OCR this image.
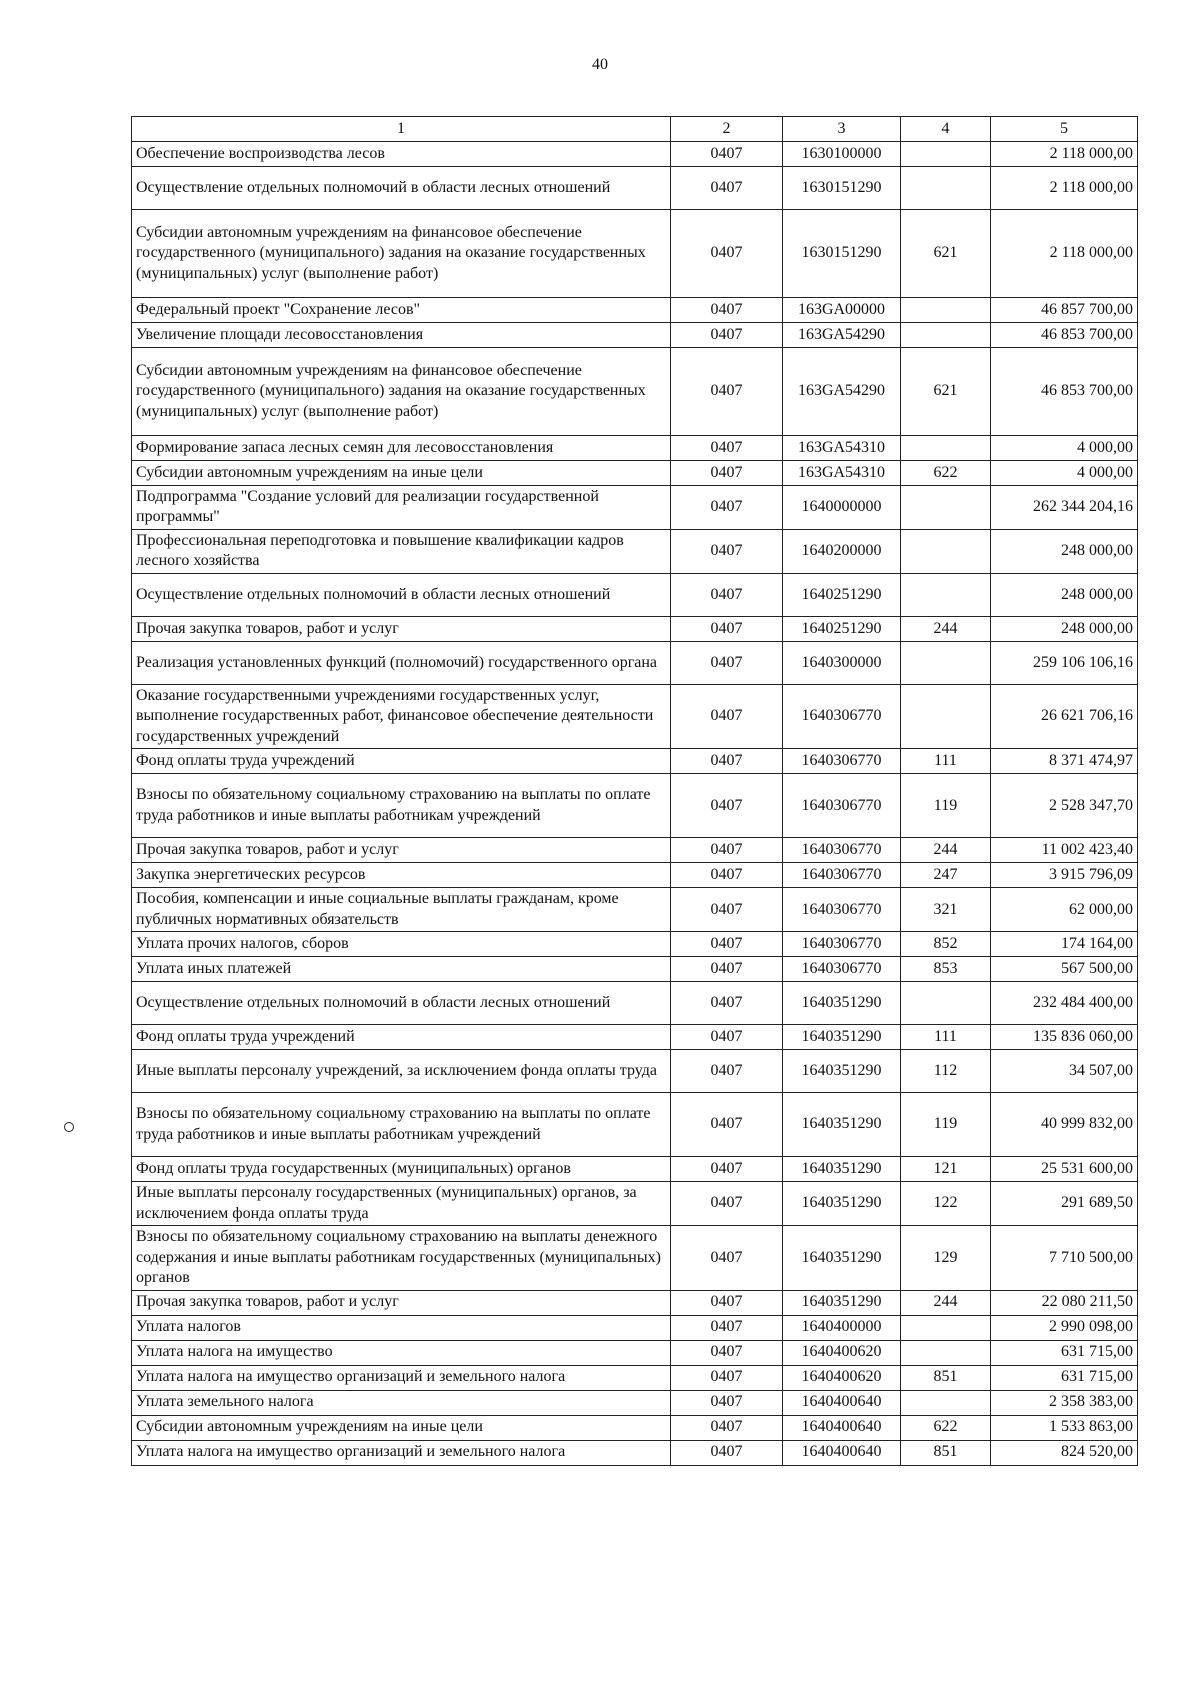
40
1	2	3	4	5
Обеспечение воспроизводства лесов	0407	1630100000		2 118 000,00
Осуществление отдельных полномочий в области лесных отношений	0407	1630151290		2 118 000,00
Субсидии автономным учреждениям на финансовое обеспечение государственного (муниципального) задания на оказание государственных (муниципальных) услуг (выполнение работ)	0407	1630151290	621	2 118 000,00
Федеральный проект "Сохранение лесов"	0407	163GA00000		46 857 700,00
Увеличение площади лесовосстановления	0407	163GA54290		46 853 700,00
Субсидии автономным учреждениям на финансовое обеспечение государственного (муниципального) задания на оказание государственных (муниципальных) услуг (выполнение работ)	0407	163GA54290	621	46 853 700,00
Формирование запаса лесных семян для лесовосстановления	0407	163GA54310		4 000,00
Субсидии автономным учреждениям на иные цели	0407	163GA54310	622	4 000,00
Подпрограмма "Создание условий для реализации государственной программы"	0407	1640000000		262 344 204,16
Профессиональная переподготовка и повышение квалификации кадров лесного хозяйства	0407	1640200000		248 000,00
Осуществление отдельных полномочий в области лесных отношений	0407	1640251290		248 000,00
Прочая закупка товаров, работ и услуг	0407	1640251290	244	248 000,00
Реализация установленных функций (полномочий) государственного органа	0407	1640300000		259 106 106,16
Оказание государственными учреждениями государственных услуг, выполнение государственных работ, финансовое обеспечение деятельности государственных учреждений	0407	1640306770		26 621 706,16
Фонд оплаты труда учреждений	0407	1640306770	111	8 371 474,97
Взносы по обязательному социальному страхованию на выплаты по оплате труда работников и иные выплаты работникам учреждений	0407	1640306770	119	2 528 347,70
Прочая закупка товаров, работ и услуг	0407	1640306770	244	11 002 423,40
Закупка энергетических ресурсов	0407	1640306770	247	3 915 796,09
Пособия, компенсации и иные социальные выплаты гражданам, кроме публичных нормативных обязательств	0407	1640306770	321	62 000,00
Уплата прочих налогов, сборов	0407	1640306770	852	174 164,00
Уплата иных платежей	0407	1640306770	853	567 500,00
Осуществление отдельных полномочий в области лесных отношений	0407	1640351290		232 484 400,00
Фонд оплаты труда учреждений	0407	1640351290	111	135 836 060,00
Иные выплаты персоналу учреждений, за исключением фонда оплаты труда	0407	1640351290	112	34 507,00
Взносы по обязательному социальному страхованию на выплаты по оплате труда работников и иные выплаты работникам учреждений	0407	1640351290	119	40 999 832,00
Фонд оплаты труда государственных (муниципальных) органов	0407	1640351290	121	25 531 600,00
Иные выплаты персоналу государственных (муниципальных) органов, за исключением фонда оплаты труда	0407	1640351290	122	291 689,50
Взносы по обязательному социальному страхованию на выплаты денежного содержания и иные выплаты работникам государственных (муниципальных) органов	0407	1640351290	129	7 710 500,00
Прочая закупка товаров, работ и услуг	0407	1640351290	244	22 080 211,50
Уплата налогов	0407	1640400000		2 990 098,00
Уплата налога на имущество	0407	1640400620		631 715,00
Уплата налога на имущество организаций и земельного налога	0407	1640400620	851	631 715,00
Уплата земельного налога	0407	1640400640		2 358 383,00
Субсидии автономным учреждениям на иные цели	0407	1640400640	622	1 533 863,00
Уплата налога на имущество организаций и земельного налога	0407	1640400640	851	824 520,00
